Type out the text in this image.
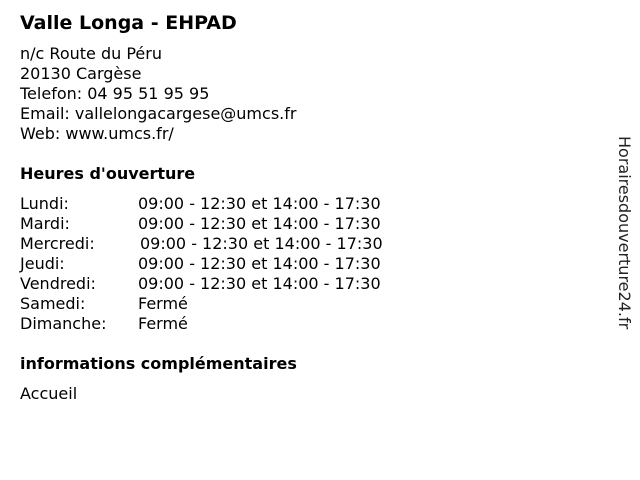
Valle Longa - EHPAD
n/c Route du Péru
20130 Cargèse
Telefon: 04 95 51 95 95
Email: vallelongacargese@umcs.fr
Web: www.umcs.fr/
Heures d'ouverture
Lundi:	09:00 - 12:30 et 14:00 - 17:30
Mardi:	09:00 - 12:30 et 14:00 - 17:30
Mercredi:	09:00 - 12:30 et 14:00 - 17:30
Jeudi:	09:00 - 12:30 et 14:00 - 17:30
Vendredi:	09:00 - 12:30 et 14:00 - 17:30
Samedi:	Fermé
Dimanche: Fermé
informations complémentaires
Accueil
Horairesdouverture24.fr
